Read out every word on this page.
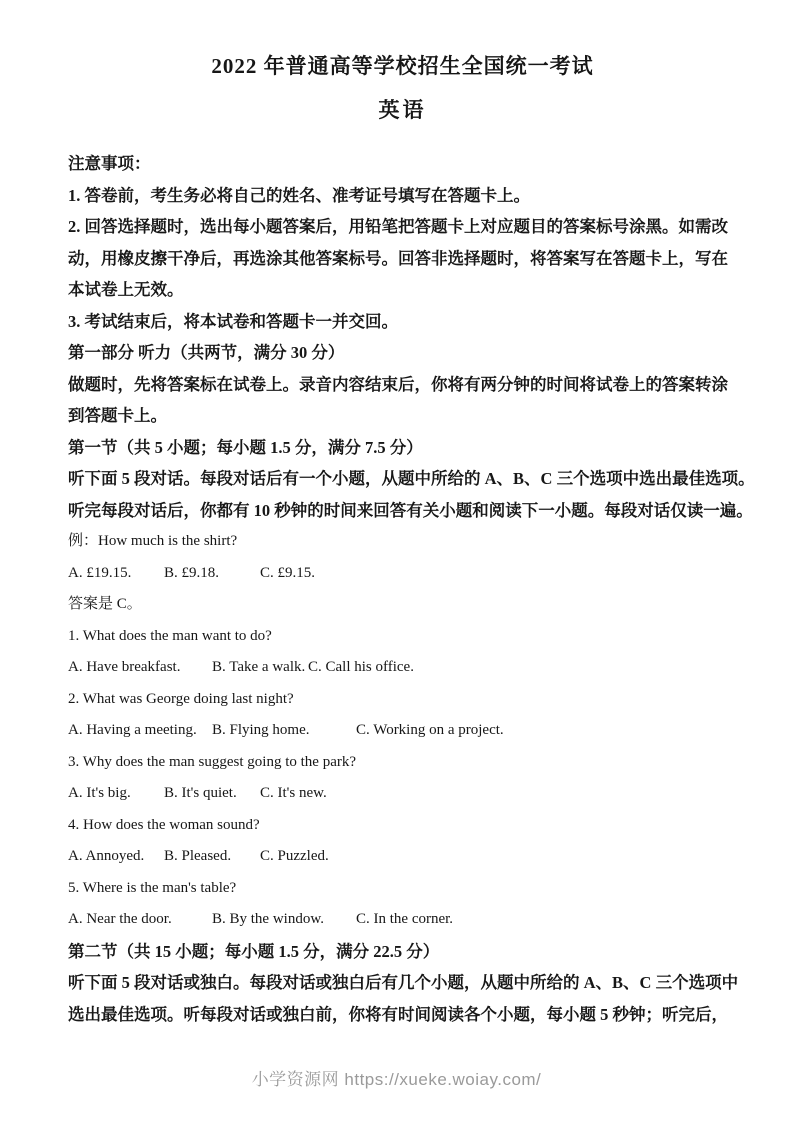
2022 年普通高等学校招生全国统一考试
英语
注意事项：
1. 答卷前，考生务必将自己的姓名、准考证号填写在答题卡上。
2. 回答选择题时，选出每小题答案后，用铅笔把答题卡上对应题目的答案标号涂黑。如需改
动，用橡皮擦干净后，再选涂其他答案标号。回答非选择题时，将答案写在答题卡上，写在
本试卷上无效。
3. 考试结束后，将本试卷和答题卡一并交回。
第一部分 听力（共两节，满分 30 分）
做题时，先将答案标在试卷上。录音内容结束后，你将有两分钟的时间将试卷上的答案转涂
到答题卡上。
第一节（共 5 小题；每小题 1.5 分，满分 7.5 分）
听下面 5 段对话。每段对话后有一个小题，从题中所给的 A、B、C 三个选项中选出最佳选项。
听完每段对话后，你都有 10 秒钟的时间来回答有关小题和阅读下一小题。每段对话仅读一遍。
例：How much is the shirt?
A. £19.15.	B. £9.18.	C. £9.15.
答案是 C。
1. What does the man want to do?
A. Have breakfast.	B. Take a walk.	C. Call his office.
2. What was George doing last night?
A. Having a meeting.	B. Flying home.	C. Working on a project.
3. Why does the man suggest going to the park?
A. It's big.	B. It's quiet.	C. It's new.
4. How does the woman sound?
A. Annoyed.	B. Pleased.	C. Puzzled.
5. Where is the man's table?
A. Near the door.	B. By the window.	C. In the corner.
第二节（共 15 小题；每小题 1.5 分，满分 22.5 分）
听下面 5 段对话或独白。每段对话或独白后有几个小题，从题中所给的 A、B、C 三个选项中
选出最佳选项。听每段对话或独白前，你将有时间阅读各个小题，每小题 5 秒钟；听完后，
小学资源网 https://xueke.woiay.com/
